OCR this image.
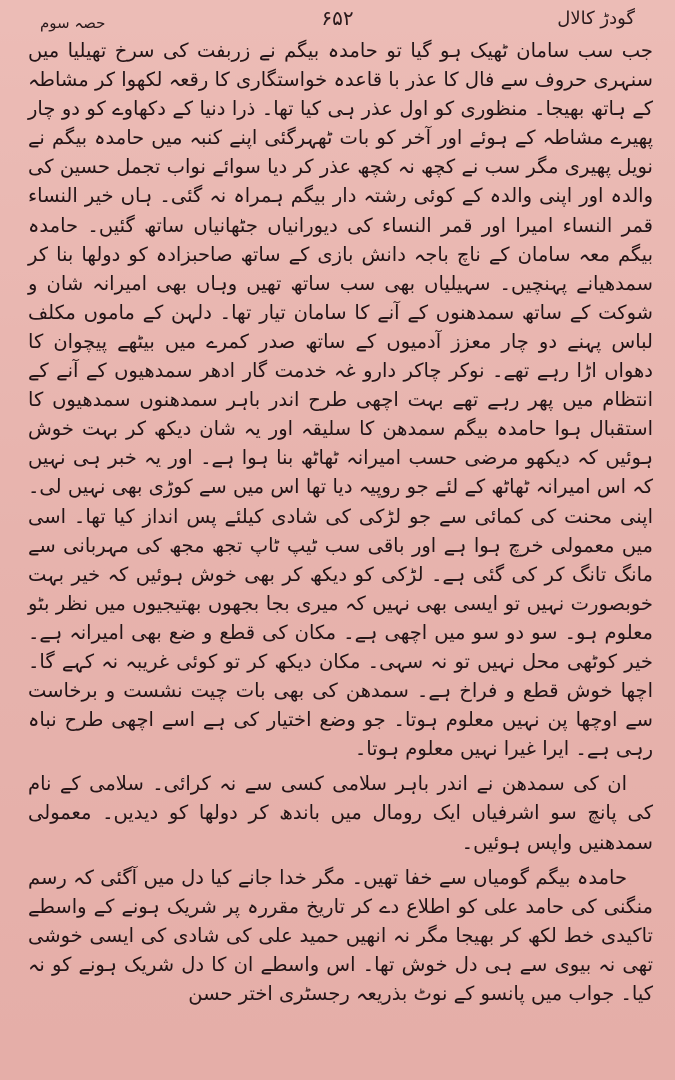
گودڑ کالال
۶۵۲
حصہ سوم

جب سب سامان ٹھیک ہو گیا تو حامدہ بیگم نے زربفت کی سرخ تھیلیا میں سنہری حروف سے فال کا عذر با قاعدہ خواستگاری کا رقعہ لکھوا کر مشاطہ کے ہاتھ بھیجا۔ منظوری کو اول عذر ہی کیا تھا۔ ذرا دنیا کے دکھاوے کو دو چار پھیرے مشاطہ کے ہوئے اور آخر کو بات ٹھہرگئی اپنے کنبہ میں حامدہ بیگم نے نویل پھیری مگر سب نے کچھ نہ کچھ عذر کر دیا سوائے نواب تجمل حسین کی والدہ اور اپنی والدہ کے کوئی رشتہ دار بیگم ہمراہ نہ گئی۔ ہاں خیر النساء قمر النساء امیرا اور قمر النساء کی دیورانیاں جٹھانیاں ساتھ گئیں۔ حامدہ بیگم معہ سامان کے ناچ باجہ دانش بازی کے ساتھ صاحبزادہ کو دولھا بنا کر سمدھیانے پہنچیں۔ سہیلیاں بھی سب ساتھ تھیں وہاں بھی امیرانہ شان و شوکت کے ساتھ سمدھنوں کے آنے کا سامان تیار تھا۔ دلہن کے ماموں مکلف لباس پہنے دو چار معزز آدمیوں کے ساتھ صدر کمرے میں بیٹھے پیچوان کا دھواں اڑا رہے تھے۔ نوکر چاکر دارو غہ خدمت گار ادھر سمدھیوں کے آنے کے انتظام میں پھر رہے تھے بہت اچھی طرح اندر باہر سمدھنوں سمدھیوں کا استقبال ہوا حامدہ بیگم سمدھن کا سلیقہ اور یہ شان دیکھ کر بہت خوش ہوئیں کہ دیکھو مرضی حسب امیرانہ ٹھاٹھ بنا ہوا ہے۔ اور یہ خبر ہی نہیں کہ اس امیرانہ ٹھاٹھ کے لئے جو روپیہ دیا تھا اس میں سے کوڑی بھی نہیں لی۔ اپنی محنت کی کمائی سے جو لڑکی کی شادی کیلئے پس انداز کیا تھا۔ اسی میں معمولی خرچ ہوا ہے اور باقی سب ٹیپ ٹاپ تجھ مجھ کی مہربانی سے مانگ تانگ کر کی گئی ہے۔ لڑکی کو دیکھ کر بھی خوش ہوئیں کہ خیر بہت خوبصورت نہیں تو ایسی بھی نہیں کہ میری بجا بجھوں بھتیجیوں میں نظر بٹو معلوم ہو۔ سو دو سو میں اچھی ہے۔ مکان کی قطع و ضع بھی امیرانہ ہے۔ خیر کوٹھی محل نہیں تو نہ سہی۔ مکان دیکھ کر تو کوئی غریبہ نہ کہے گا۔ اچھا خوش قطع و فراخ ہے۔ سمدھن کی بھی بات چیت نشست و برخاست سے اوچھا پن نہیں معلوم ہوتا۔ جو وضع اختیار کی ہے اسے اچھی طرح نباہ رہی ہے۔ ایرا غیرا نہیں معلوم ہوتا۔

ان کی سمدھن نے اندر باہر سلامی کسی سے نہ کرائی۔ سلامی کے نام کی پانچ سو اشرفیاں ایک رومال میں باندھ کر دولھا کو دیدیں۔ معمولی سمدھنیں واپس ہوئیں۔

حامدہ بیگم گومیاں سے خفا تھیں۔ مگر خدا جانے کیا دل میں آگئی کہ رسم منگنی کی حامد علی کو اطلاع دے کر تاریخ مقررہ پر شریک ہونے کے واسطے تاکیدی خط لکھ کر بھیجا مگر نہ انھیں حمید علی کی شادی کی ایسی خوشی تھی نہ بیوی سے ہی دل خوش تھا۔ اس واسطے ان کا دل شریک ہونے کو نہ کیا۔ جواب میں پانسو کے نوٹ بذریعہ رجسٹری اختر حسن
